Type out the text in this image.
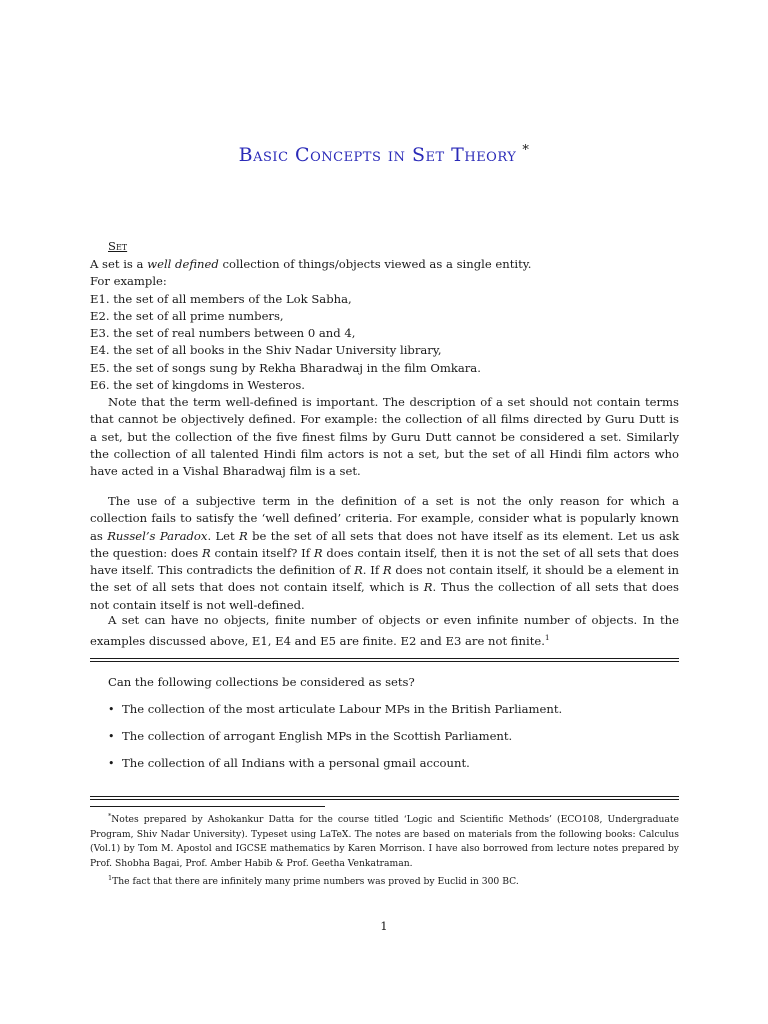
Basic Concepts in Set Theory *
Set
A set is a well defined collection of things/objects viewed as a single entity.
For example:
E1. the set of all members of the Lok Sabha,
E2. the set of all prime numbers,
E3. the set of real numbers between 0 and 4,
E4. the set of all books in the Shiv Nadar University library,
E5. the set of songs sung by Rekha Bharadwaj in the film Omkara.
E6. the set of kingdoms in Westeros.
Note that the term well-defined is important. The description of a set should not contain terms that cannot be objectively defined. For example: the collection of all films directed by Guru Dutt is a set, but the collection of the five finest films by Guru Dutt cannot be considered a set. Similarly the collection of all talented Hindi film actors is not a set, but the set of all Hindi film actors who have acted in a Vishal Bharadwaj film is a set.
The use of a subjective term in the definition of a set is not the only reason for which a collection fails to satisfy the ‘well defined’ criteria. For example, consider what is popularly known as Russel’s Paradox. Let R be the set of all sets that does not have itself as its element. Let us ask the question: does R contain itself? If R does contain itself, then it is not the set of all sets that does have itself. This contradicts the definition of R. If R does not contain itself, it should be a element in the set of all sets that does not contain itself, which is R. Thus the collection of all sets that does not contain itself is not well-defined.
A set can have no objects, finite number of objects or even infinite number of objects. In the examples discussed above, E1, E4 and E5 are finite. E2 and E3 are not finite.$^1$
Can the following collections be considered as sets?
• The collection of the most articulate Labour MPs in the British Parliament.
• The collection of arrogant English MPs in the Scottish Parliament.
• The collection of all Indians with a personal gmail account.
*Notes prepared by Ashokankur Datta for the course titled ‘Logic and Scientific Methods’ (ECO108, Undergraduate Program, Shiv Nadar University). Typeset using LaTeX. The notes are based on materials from the following books: Calculus (Vol.1) by Tom M. Apostol and IGCSE mathematics by Karen Morrison. I have also borrowed from lecture notes prepared by Prof. Shobha Bagai, Prof. Amber Habib & Prof. Geetha Venkatraman.
$^1$The fact that there are infinitely many prime numbers was proved by Euclid in 300 BC.
1
